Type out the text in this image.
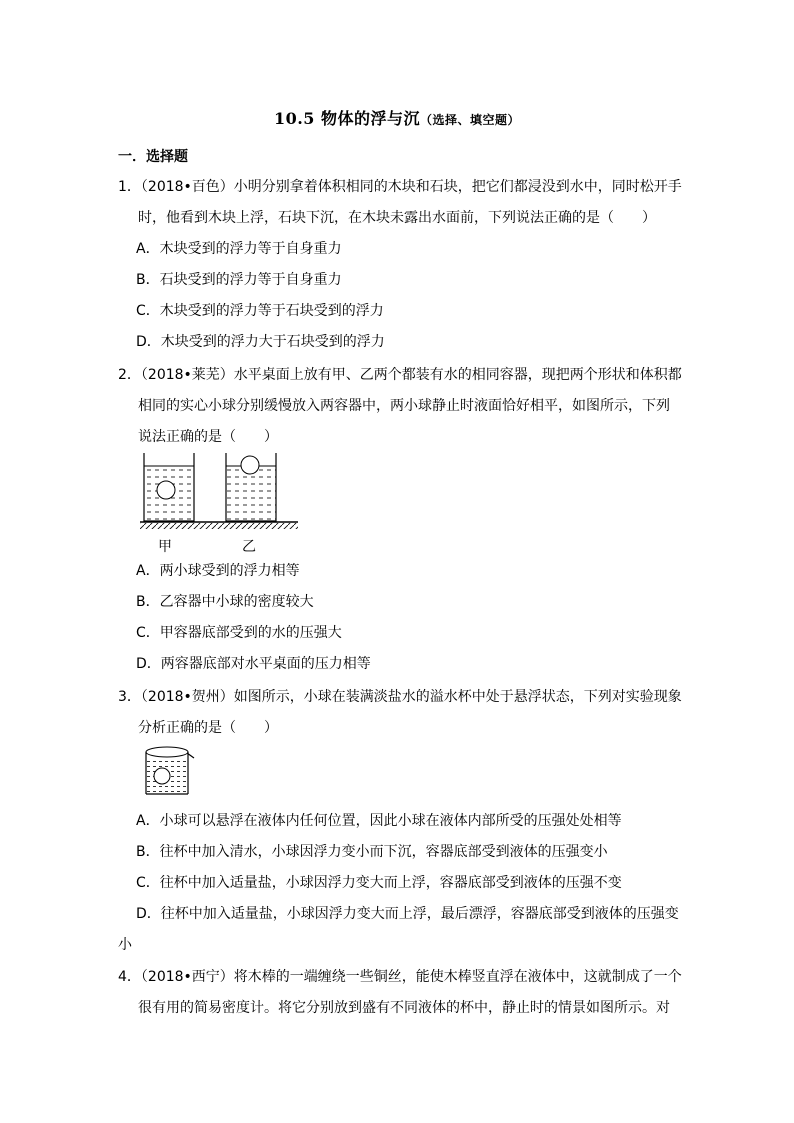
10.5 物体的浮与沉（选择、填空题）
一．选择题
1．（2018•百色）小明分别拿着体积相同的木块和石块，把它们都浸没到水中，同时松开手
时，他看到木块上浮，石块下沉，在木块未露出水面前，下列说法正确的是（　　）
A．木块受到的浮力等于自身重力
B．石块受到的浮力等于自身重力
C．木块受到的浮力等于石块受到的浮力
D．木块受到的浮力大于石块受到的浮力
2．（2018•莱芜）水平桌面上放有甲、乙两个都装有水的相同容器，现把两个形状和体积都
相同的实心小球分别缓慢放入两容器中，两小球静止时液面恰好相平，如图所示，下列
说法正确的是（　　）
甲	乙
A．两小球受到的浮力相等
B．乙容器中小球的密度较大
C．甲容器底部受到的水的压强大
D．两容器底部对水平桌面的压力相等
3．（2018•贺州）如图所示，小球在装满淡盐水的溢水杯中处于悬浮状态，下列对实验现象
分析正确的是（　　）
A．小球可以悬浮在液体内任何位置，因此小球在液体内部所受的压强处处相等
B．往杯中加入清水，小球因浮力变小而下沉，容器底部受到液体的压强变小
C．往杯中加入适量盐，小球因浮力变大而上浮，容器底部受到液体的压强不变
D．往杯中加入适量盐，小球因浮力变大而上浮，最后漂浮，容器底部受到液体的压强变
小
4．（2018•西宁）将木棒的一端缠绕一些铜丝，能使木棒竖直浮在液体中，这就制成了一个
很有用的简易密度计。将它分别放到盛有不同液体的杯中，静止时的情景如图所示。对
